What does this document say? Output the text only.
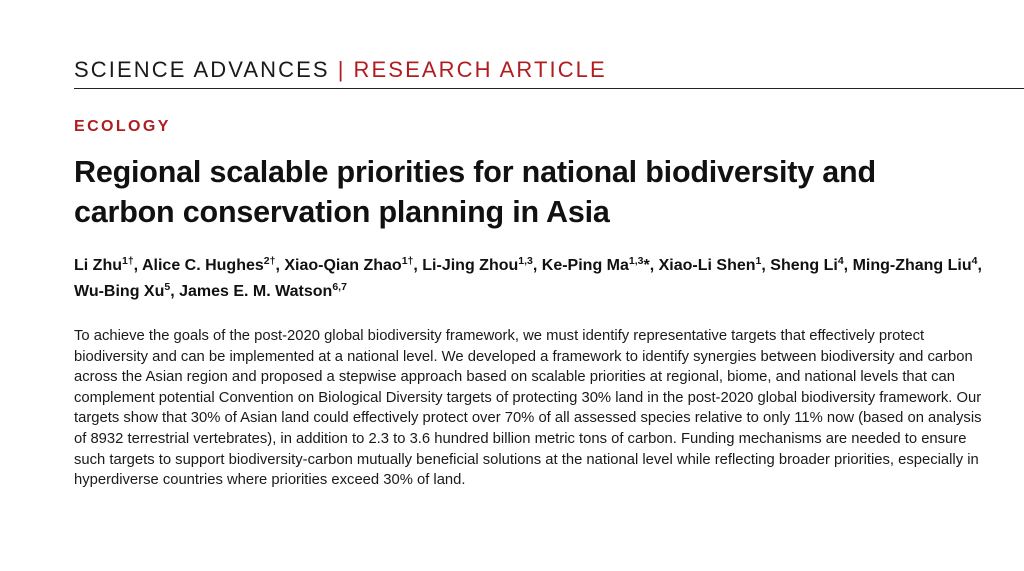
SCIENCE ADVANCES | RESEARCH ARTICLE
ECOLOGY
Regional scalable priorities for national biodiversity and carbon conservation planning in Asia
Li Zhu$^{1\dagger}$, Alice C. Hughes$^{2\dagger}$, Xiao-Qian Zhao$^{1\dagger}$, Li-Jing Zhou$^{1,3}$, Ke-Ping Ma$^{1,3}$*, Xiao-Li Shen$^1$, Sheng Li$^4$, Ming-Zhang Liu$^4$, Wu-Bing Xu$^5$, James E. M. Watson$^{6,7}$

To achieve the goals of the post-2020 global biodiversity framework, we must identify representative targets that effectively protect biodiversity and can be implemented at a national level. We developed a framework to identify synergies between biodiversity and carbon across the Asian region and proposed a stepwise approach based on scalable priorities at regional, biome, and national levels that can complement potential Convention on Biological Diversity targets of protecting 30% land in the post-2020 global biodiversity framework. Our targets show that 30% of Asian land could effectively protect over 70% of all assessed species relative to only 11% now (based on analysis of 8932 terrestrial vertebrates), in addition to 2.3 to 3.6 hundred billion metric tons of carbon. Funding mechanisms are needed to ensure such targets to support biodiversity-carbon mutually beneficial solutions at the national level while reflecting broader priorities, especially in hyperdiverse countries where priorities exceed 30% of land.
